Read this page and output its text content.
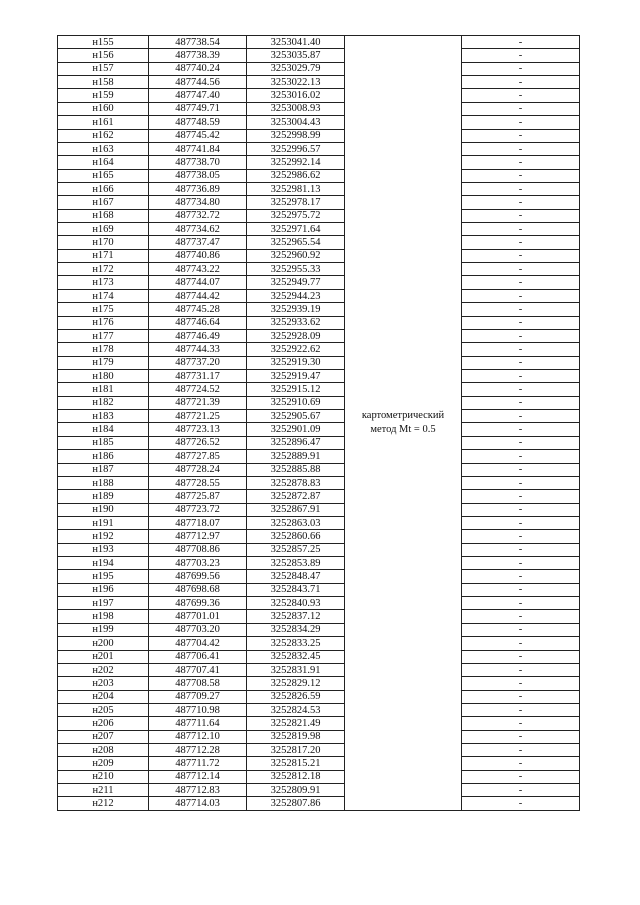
н155	487738.54	3253041.40	картометрический
метод Mt = 0.5	-
н156	487738.39	3253035.87		-
н157	487740.24	3253029.79		-
н158	487744.56	3253022.13		-
н159	487747.40	3253016.02		-
н160	487749.71	3253008.93		-
н161	487748.59	3253004.43		-
н162	487745.42	3252998.99		-
н163	487741.84	3252996.57		-
н164	487738.70	3252992.14		-
н165	487738.05	3252986.62		-
н166	487736.89	3252981.13		-
н167	487734.80	3252978.17		-
н168	487732.72	3252975.72		-
н169	487734.62	3252971.64		-
н170	487737.47	3252965.54		-
н171	487740.86	3252960.92		-
н172	487743.22	3252955.33		-
н173	487744.07	3252949.77		-
н174	487744.42	3252944.23		-
н175	487745.28	3252939.19		-
н176	487746.64	3252933.62		-
н177	487746.49	3252928.09		-
н178	487744.33	3252922.62		-
н179	487737.20	3252919.30		-
н180	487731.17	3252919.47		-
н181	487724.52	3252915.12		-
н182	487721.39	3252910.69		-
н183	487721.25	3252905.67		-
н184	487723.13	3252901.09		-
н185	487726.52	3252896.47		-
н186	487727.85	3252889.91		-
н187	487728.24	3252885.88		-
н188	487728.55	3252878.83		-
н189	487725.87	3252872.87		-
н190	487723.72	3252867.91		-
н191	487718.07	3252863.03		-
н192	487712.97	3252860.66		-
н193	487708.86	3252857.25		-
н194	487703.23	3252853.89		-
н195	487699.56	3252848.47		-
н196	487698.68	3252843.71		-
н197	487699.36	3252840.93		-
н198	487701.01	3252837.12		-
н199	487703.20	3252834.29		-
н200	487704.42	3252833.25		-
н201	487706.41	3252832.45		-
н202	487707.41	3252831.91		-
н203	487708.58	3252829.12		-
н204	487709.27	3252826.59		-
н205	487710.98	3252824.53		-
н206	487711.64	3252821.49		-
н207	487712.10	3252819.98		-
н208	487712.28	3252817.20		-
н209	487711.72	3252815.21		-
н210	487712.14	3252812.18		-
н211	487712.83	3252809.91		-
н212	487714.03	3252807.86		-
